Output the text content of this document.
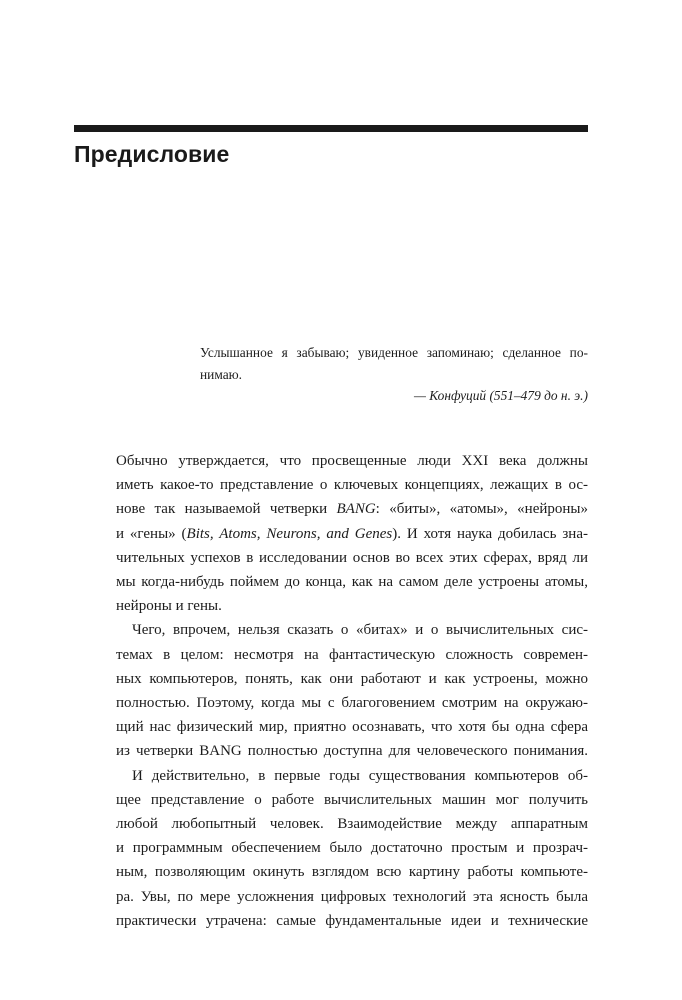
Предисловие
Услышанное я забываю; увиденное запоминаю; сделанное по-
нимаю.
— Конфуций (551–479 до н. э.)
Обычно утверждается, что просвещенные люди XXI века должны
иметь какое-то представление о ключевых концепциях, лежащих в ос-
нове так называемой четверки BANG: «биты», «атомы», «нейроны»
и «гены» (Bits, Atoms, Neurons, and Genes). И хотя наука добилась зна-
чительных успехов в исследовании основ во всех этих сферах, вряд ли
мы когда-нибудь поймем до конца, как на самом деле устроены атомы,
нейроны и гены.
Чего, впрочем, нельзя сказать о «битах» и о вычислительных сис-
темах в целом: несмотря на фантастическую сложность современ-
ных компьютеров, понять, как они работают и как устроены, можно
полностью. Поэтому, когда мы с благоговением смотрим на окружаю-
щий нас физический мир, приятно осознавать, что хотя бы одна сфера
из четверки BANG полностью доступна для человеческого понимания.
И действительно, в первые годы существования компьютеров об-
щее представление о работе вычислительных машин мог получить
любой любопытный человек. Взаимодействие между аппаратным
и программным обеспечением было достаточно простым и прозрач-
ным, позволяющим окинуть взглядом всю картину работы компьюте-
ра. Увы, по мере усложнения цифровых технологий эта ясность была
практически утрачена: самые фундаментальные идеи и технические
